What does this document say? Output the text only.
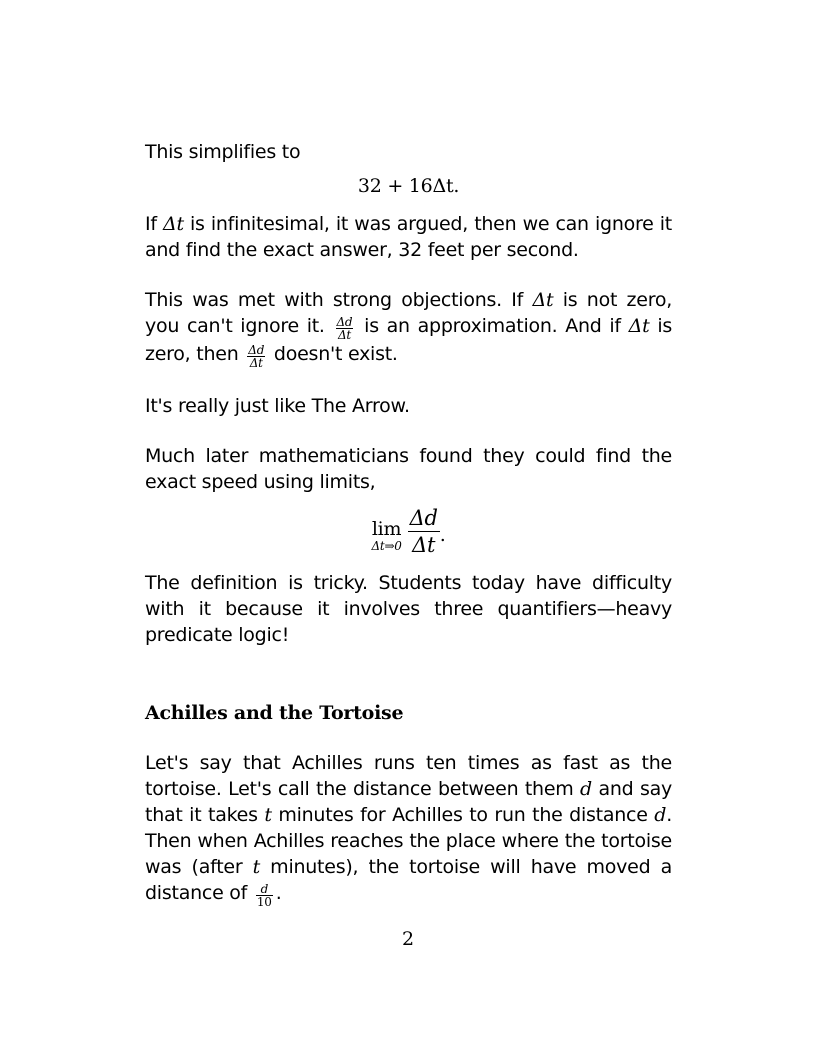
This simplifies to

32 + 16Δt.

If Δt is infinitesimal, it was argued, then we can ignore it and find the exact answer, 32 feet per second.

This was met with strong objections. If Δt is not zero, you can't ignore it. $\frac{\Delta d}{\Delta t}$ is an approximation. And if Δt is zero, then $\frac{\Delta d}{\Delta t}$ doesn't exist.

It's really just like The Arrow.

Much later mathematicians found they could find the exact speed using limits,

lim
Δt⇒0 $\frac{\Delta d}{\Delta t}$ .

The definition is tricky. Students today have difficulty with it because it involves three quantifiers—heavy predicate logic!

Achilles and the Tortoise

Let's say that Achilles runs ten times as fast as the tortoise. Let's call the distance between them d and say that it takes t minutes for Achilles to run the distance d. Then when Achilles reaches the place where the tortoise was (after t minutes), the tortoise will have moved a distance of $\frac{d}{10}$ .

2
